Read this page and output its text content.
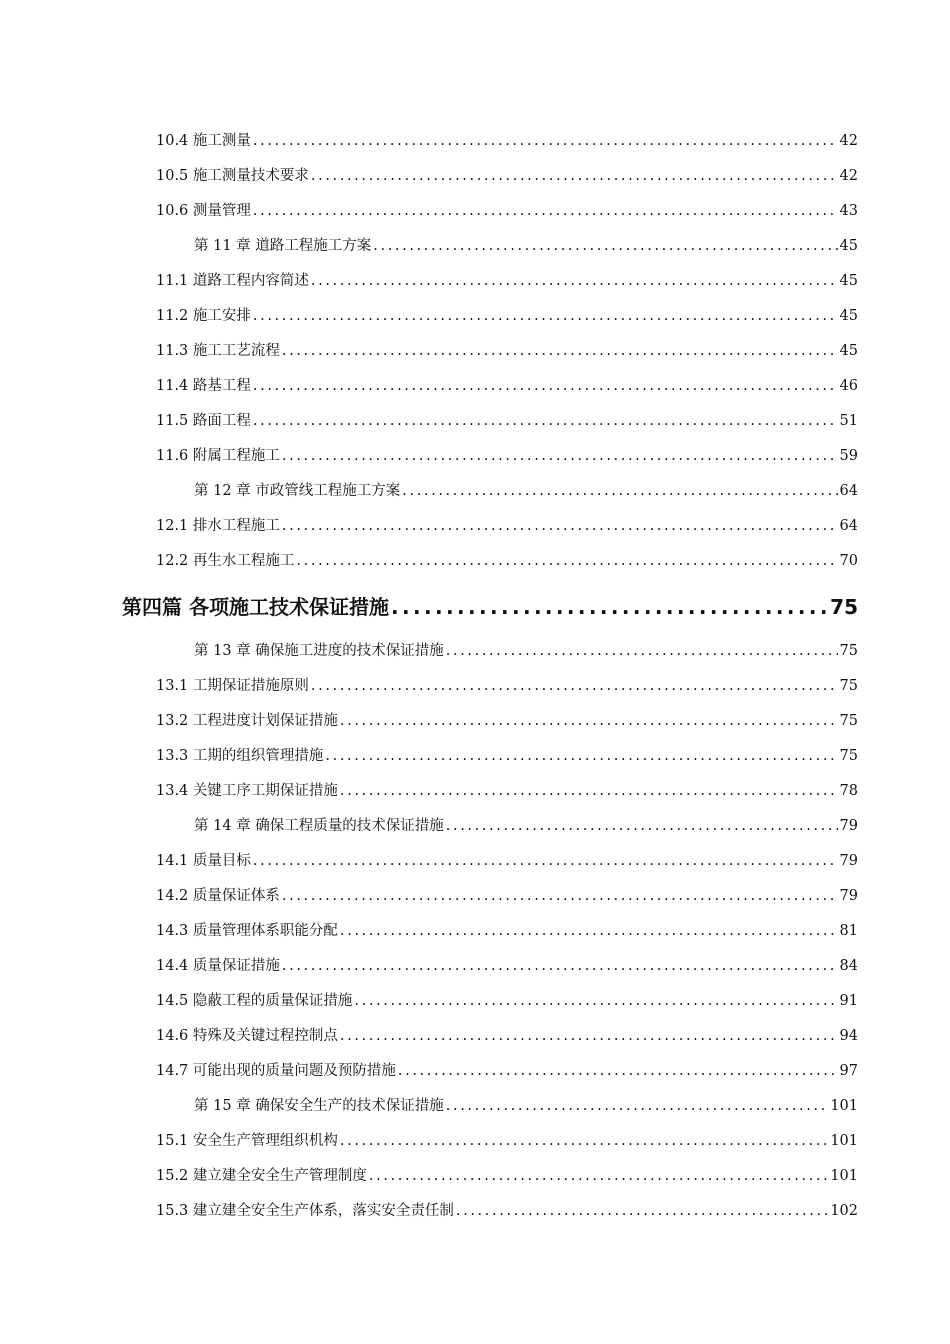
10.4 施工测量 .....	42
10.5 施工测量技术要求 .....	42
10.6 测量管理 .....	43
第 11 章 道路工程施工方案 .....	45
11.1 道路工程内容简述 .....	45
11.2 施工安排 .....	45
11.3 施工工艺流程 .....	45
11.4 路基工程 .....	46
11.5 路面工程 .....	51
11.6 附属工程施工 .....	59
第 12 章 市政管线工程施工方案 .....	64
12.1 排水工程施工 .....	64
12.2 再生水工程施工 .....	70
第四篇 各项施工技术保证措施 .....	75
第 13 章 确保施工进度的技术保证措施 .....	75
13.1 工期保证措施原则 .....	75
13.2 工程进度计划保证措施 .....	75
13.3 工期的组织管理措施 .....	75
13.4 关键工序工期保证措施 .....	78
第 14 章 确保工程质量的技术保证措施 .....	79
14.1 质量目标 .....	79
14.2 质量保证体系 .....	79
14.3 质量管理体系职能分配 .....	81
14.4 质量保证措施 .....	84
14.5 隐蔽工程的质量保证措施 .....	91
14.6 特殊及关键过程控制点 .....	94
14.7 可能出现的质量问题及预防措施 .....	97
第 15 章 确保安全生产的技术保证措施 .....	101
15.1 安全生产管理组织机构 .....	101
15.2 建立建全安全生产管理制度 .....	101
15.3 建立建全安全生产体系，落实安全责任制 .....	102
